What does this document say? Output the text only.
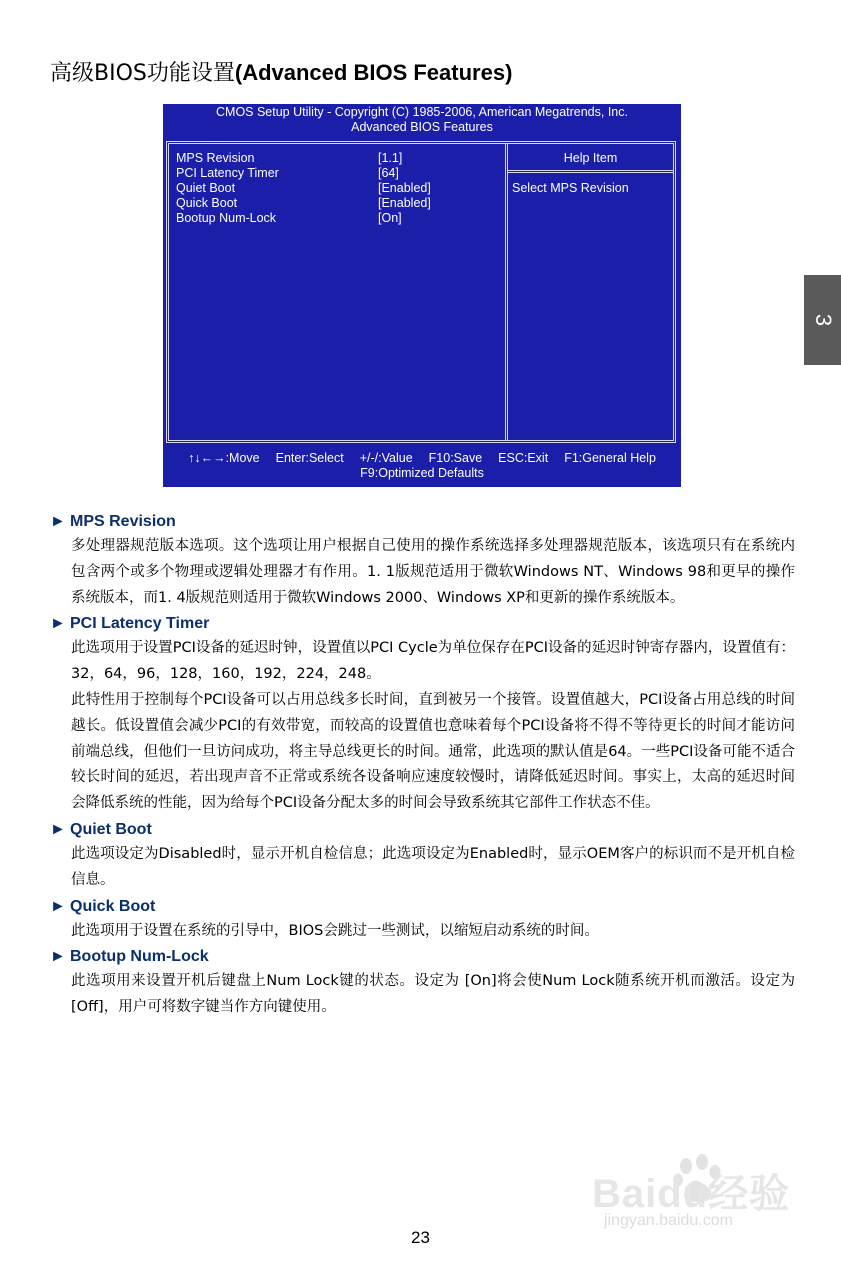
高级BIOS功能设置(Advanced BIOS Features)
CMOS Setup Utility - Copyright (C) 1985-2006, American Megatrends, Inc.
Advanced BIOS Features
MPS Revision	[1.1]
PCI Latency Timer	[64]
Quiet Boot	[Enabled]
Quick Boot	[Enabled]
Bootup Num-Lock	[On]
Help Item
Select MPS Revision
↑↓←→:Move Enter:Select +/-/:Value F10:Save ESC:Exit F1:General Help
F9:Optimized Defaults
3
► MPS Revision

多处理器规范版本选项。这个选项让用户根据自己使用的操作系统选择多处理器规范版本，该选项只有在系统内包含两个或多个物理或逻辑处理器才有作用。1. 1版规范适用于微软Windows NT、Windows 98和更早的操作系统版本，而1. 4版规范则适用于微软Windows 2000、Windows XP和更新的操作系统版本。

► PCI Latency Timer

此选项用于设置PCI设备的延迟时钟，设置值以PCI Cycle为单位保存在PCI设备的延迟时钟寄存器内，设置值有：32，64，96，128，160，192，224，248。

此特性用于控制每个PCI设备可以占用总线多长时间，直到被另一个接管。设置值越大，PCI设备占用总线的时间越长。低设置值会减少PCI的有效带宽，而较高的设置值也意味着每个PCI设备将不得不等待更长的时间才能访问前端总线，但他们一旦访问成功，将主导总线更长的时间。通常，此选项的默认值是64。一些PCI设备可能不适合较长时间的延迟，若出现声音不正常或系统各设备响应速度较慢时，请降低延迟时间。事实上，太高的延迟时间会降低系统的性能，因为给每个PCI设备分配太多的时间会导致系统其它部件工作状态不佳。

► Quiet Boot

此选项设定为Disabled时，显示开机自检信息；此选项设定为Enabled时，显示OEM客户的标识而不是开机自检信息。

► Quick Boot

此选项用于设置在系统的引导中，BIOS会跳过一些测试，以缩短启动系统的时间。

► Bootup Num-Lock

此选项用来设置开机后键盘上Num Lock键的状态。设定为 [On]将会使Num Lock随系统开机而激活。设定为 [Off]，用户可将数字键当作方向键使用。

Baidu经验
jingyan.baidu.com
23
